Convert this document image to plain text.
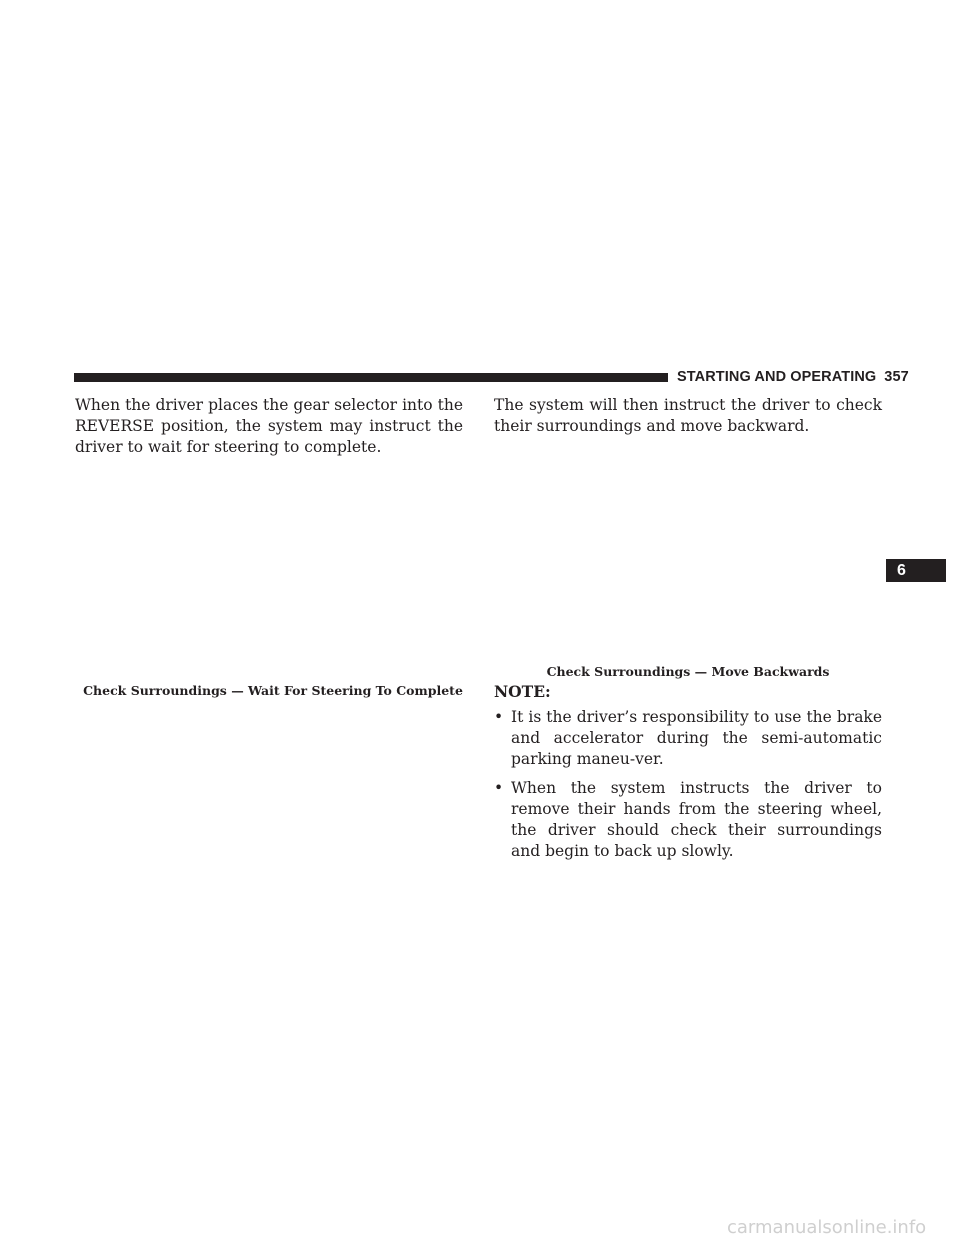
STARTING AND OPERATING 357

When the driver places the gear selector into the REVERSE position, the system may instruct the driver to wait for steering to complete.

Check Surroundings — Wait For Steering To Complete

The system will then instruct the driver to check their surroundings and move backward.

Check Surroundings — Move Backwards

NOTE:

• It is the driver’s responsibility to use the brake and accelerator during the semi-automatic parking maneu-ver.
• When the system instructs the driver to remove their hands from the steering wheel, the driver should check their surroundings and begin to back up slowly.
6
carmanualsonline.info
